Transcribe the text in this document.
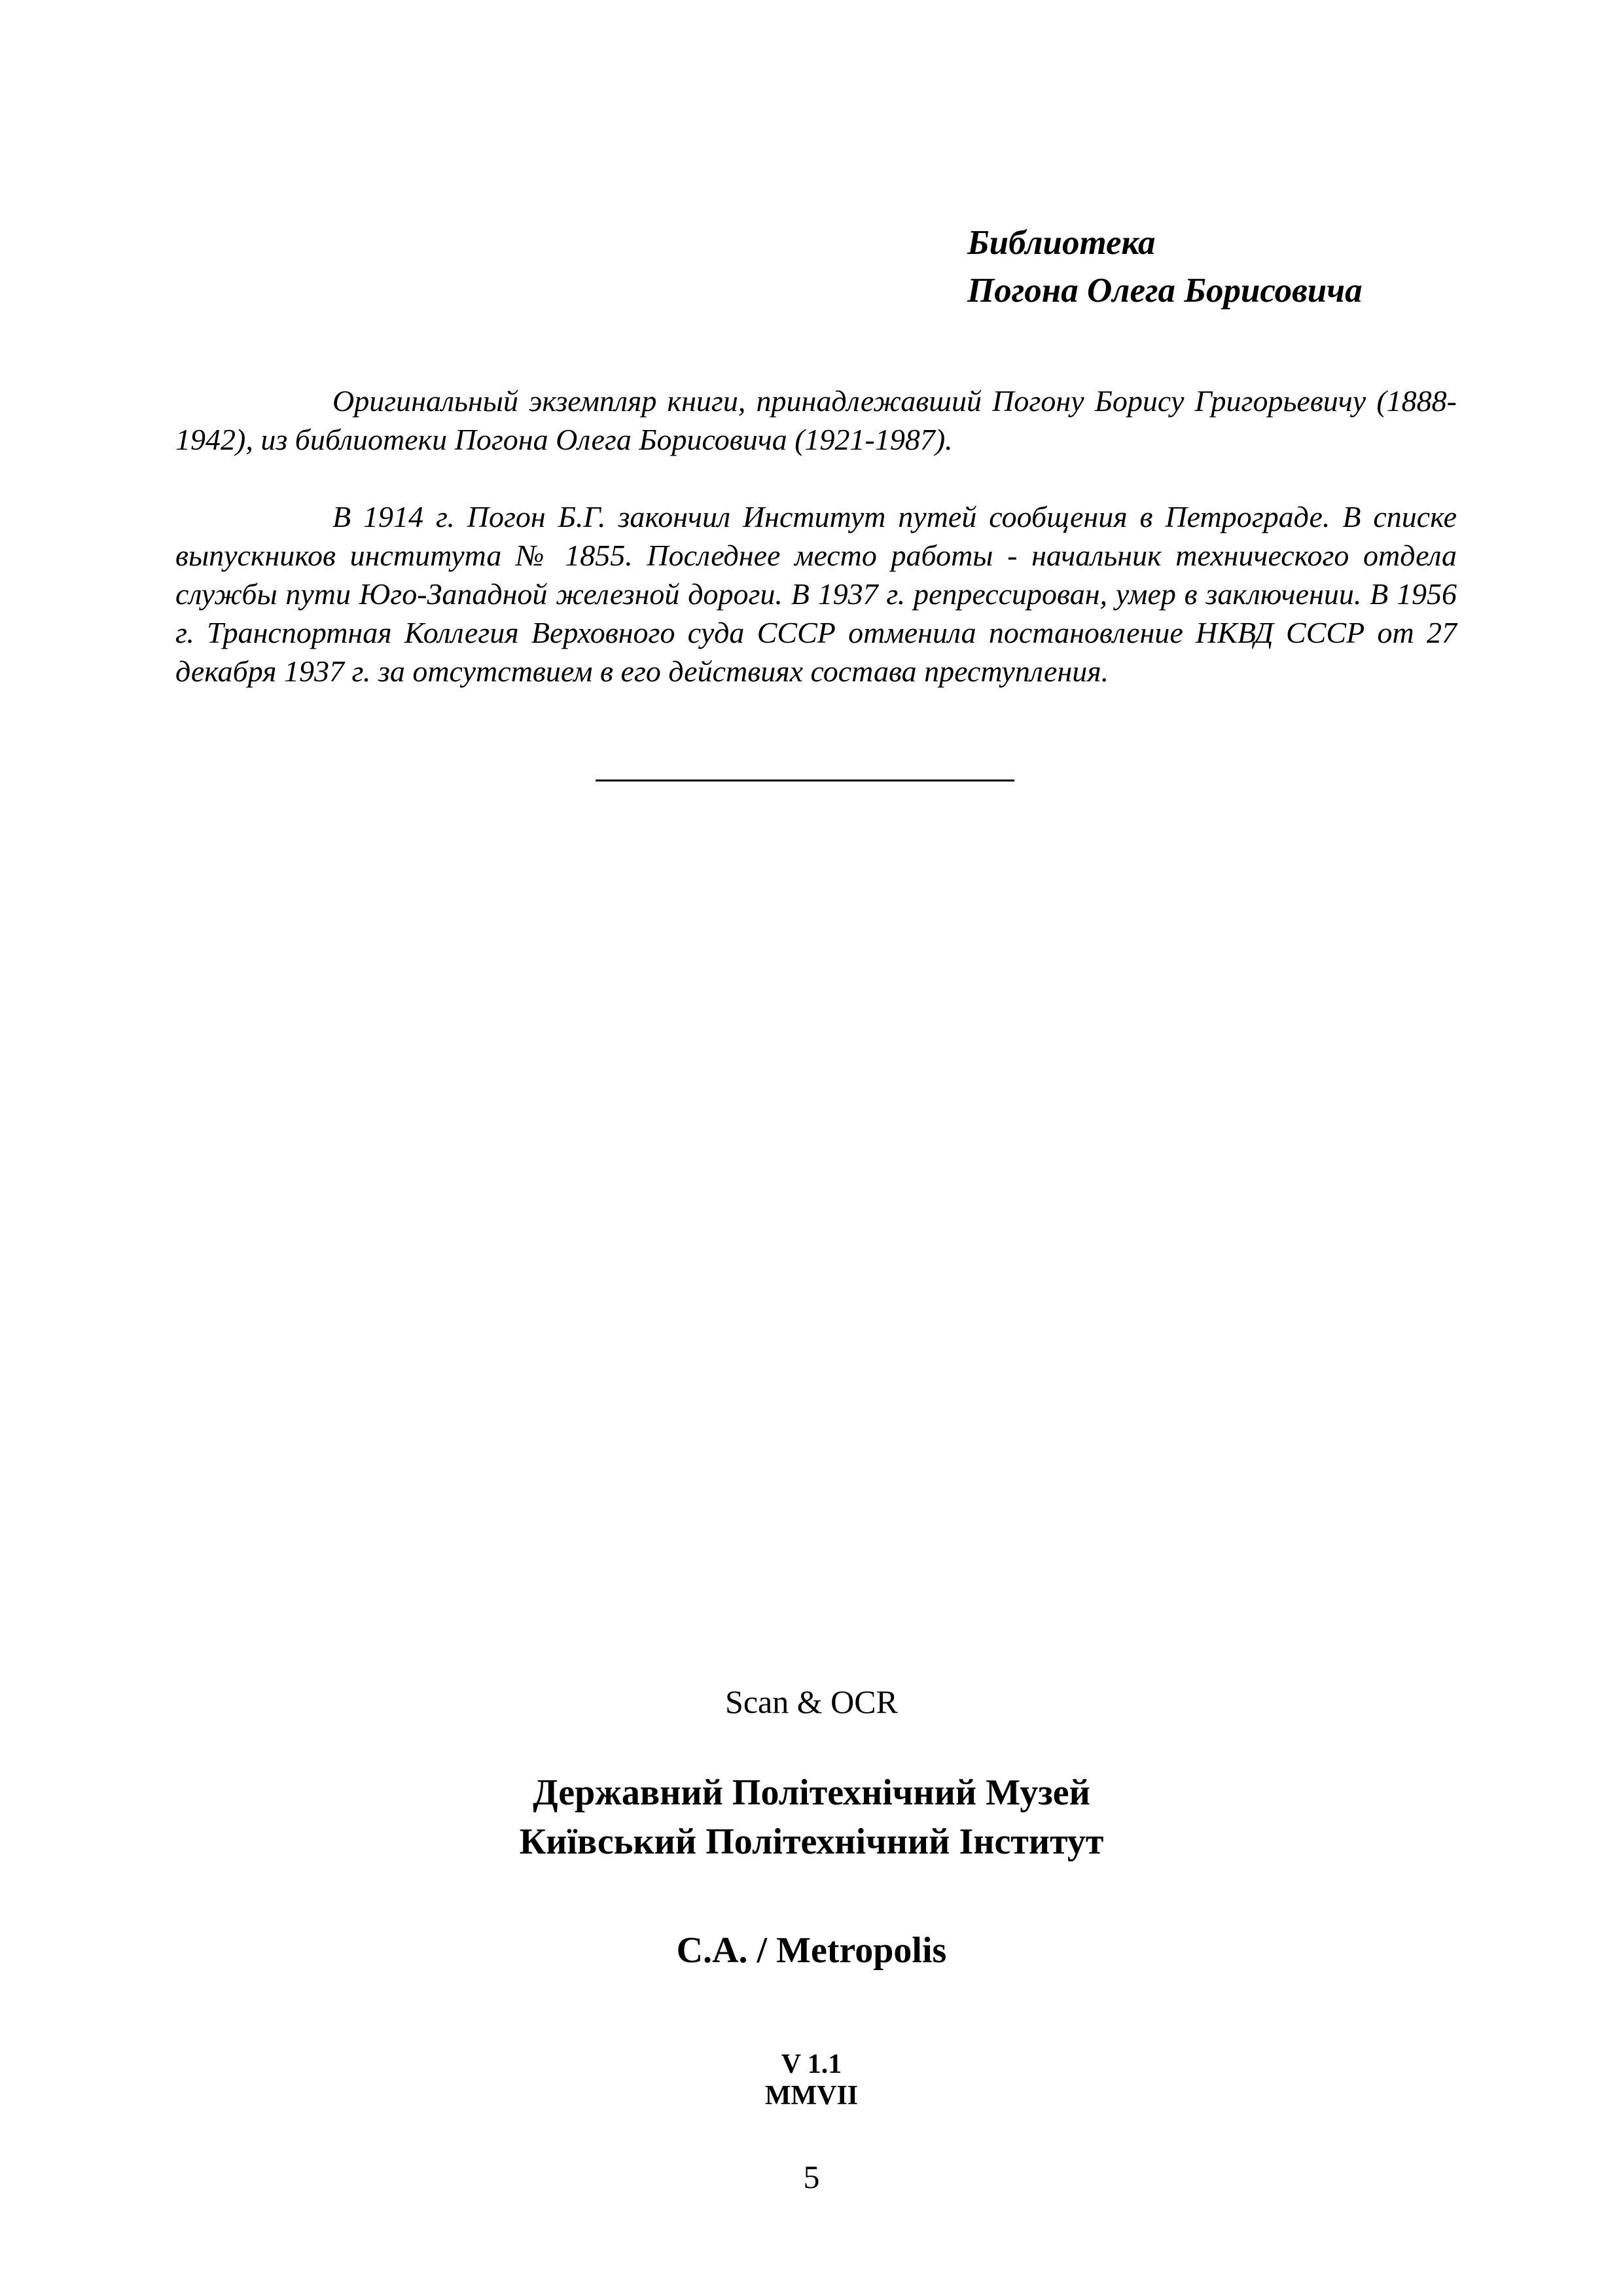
Библиотека
Погона Олега Борисовича

Оригинальный экземпляр книги, принадлежавший Погону Борису Григорьевичу (1888-1942), из библиотеки Погона Олега Борисовича (1921-1987).

В 1914 г. Погон Б.Г. закончил Институт путей сообщения в Петрограде. В списке выпускников института № 1855. Последнее место работы - начальник технического отдела службы пути Юго-Западной железной дороги. В 1937 г. репрессирован, умер в заключении. В 1956 г. Транспортная Коллегия Верховного суда СССР отменила постановление НКВД СССР от 27 декабря 1937 г. за отсутствием в его действиях состава преступления.

Scan & OCR
Державний Політехнічний Музей
Київський Політехнічний Інститут
C.A. / Metropolis
V 1.1
MMVII
5
